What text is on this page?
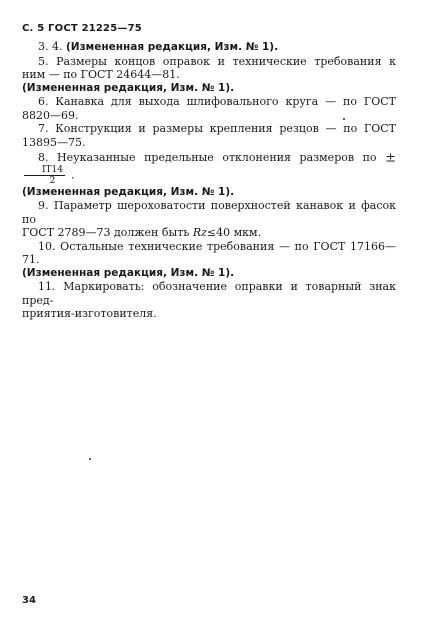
С. 5 ГОСТ 21225—75

3. 4. (Измененная редакция, Изм. № 1).

5. Размеры концов оправок и технические требования к

ним — по ГОСТ 24644—81.

(Измененная редакция, Изм. № 1).

6. Канавка для выхода шлифовального круга — по ГОСТ

8820—69.

7. Конструкция и размеры крепления резцов — по ГОСТ

13895—75.

8. Неуказанные предельные отклонения размеров по ±
$\frac{IT14}{2}$ .

(Измененная редакция, Изм. № 1).

9. Параметр шероховатости поверхностей канавок и фасок по

ГОСТ 2789—73 должен быть Rz≤40 мкм.

10. Остальные технические требования — по ГОСТ 17166—71.

(Измененная редакция, Изм. № 1).

11. Маркировать: обозначение оправки и товарный знак пред-

приятия-изготовителя.

34
